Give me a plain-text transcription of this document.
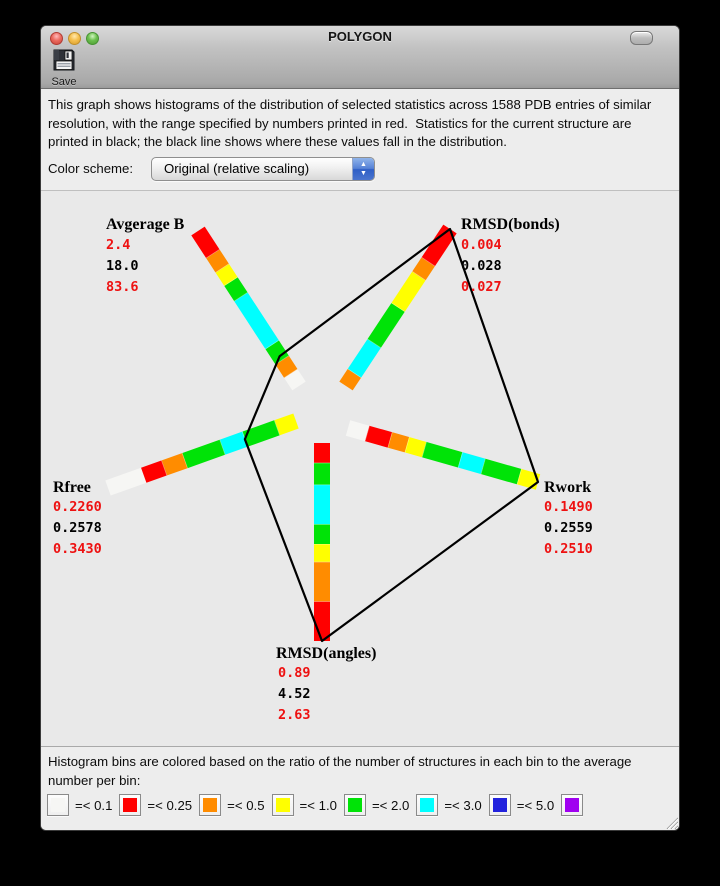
POLYGON
Save
This graph shows histograms of the distribution of selected statistics across 1588 PDB entries of similar resolution, with the range specified by numbers printed in red.  Statistics for the current structure are printed in black; the black line shows where these values fall in the distribution.
Color scheme: Original (relative scaling)	▲
▼
Avgerage B
2.4
18.0
83.6
RMSD(bonds)
0.004
0.028
0.027
Rwork
0.1490
0.2559
0.2510
RMSD(angles)
0.89
4.52
2.63
Rfree
0.2260
0.2578
0.3430
Histogram bins are colored based on the ratio of the number of structures in each bin to the average number per bin:
=< 0.1	=< 0.25	=< 0.5	=< 1.0	=< 2.0	=< 3.0	=< 5.0
